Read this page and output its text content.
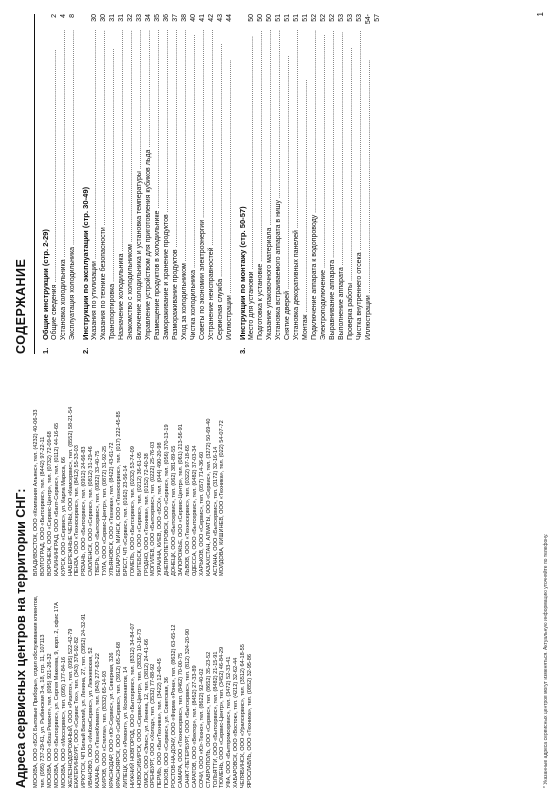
Адреса сервисных центров на территории СНГ: МОСКВА, ООО «БСХ Бытовые Приборы», отдел обслуживания клиентов, тел. (095) 737-29-61, ул. Рыбинская 3-я, 18, стр. 11, 107113 МОСКВА, ООО «Бош Ремонт», тел. (095) 921-26-32 МОСКВА, ООО «Бытсервис», ул. Сергея Макеева, 9, корп. 2, офис 17А МОСКВА, ООО «Моссервис», тел. (095) 177-84-16 ЖЕЛЕЗНОДОРОЖНЫЙ, ООО «Риэлто», тел. (095) 522-42-79 ЕКАТЕРИНБУРГ, ООО «Сервис Тех», тел. (343) 376-92-82 ИРКУТСК, ЧП Белый Василий, ул. Ленина, 27, тел. (3952) 24-32-91 ИВАНОВО, ООО «ИнКомСервис», ул. Лежневская, 52 КАЗАНЬ, ООО «ТехноКлимат», тел. (843) 277-63-22 КИРОВ, ООО «Стелла», тел. (8332) 65-14-93 КРАСНОДАР, ООО «Юг-Сервис», ул. Северная, 326 КРАСНОЯРСК, ООО «СибСервис», тел. (3912) 65-23-68 ЛИПЕЦК, ООО «Ремонт», ул. Космонавтов, 14 НИЖНИЙ НОВГОРОД, ООО «Бытсервис», тел. (8312) 34-84-07 НОВОСИБИРСК, ООО «Сервис-Центр», тел. (3832) 10-16-73 ОМСК, ООО «Элис», ул. Ленина, 12, тел. (3812) 24-41-66 ОРЕНБУРГ, ООО «Холод», тел. (3532) 77-88-92 ПЕРМЬ, ООО «БытТехника», тел. (3422) 12-40-45 ПСКОВ, ООО «Сервис», ул. Советская, 36 РОСТОВ-НА-ДОНУ, ООО «Фирма «Рона», тел. (8632) 63-65-12 САМАРА, ООО «Техносервис», тел. (8462) 70-00-75 САНКТ-ПЕТЕРБУРГ, ООО «Бытсервис», тел. (812) 324-20-90 САРАТОВ, ООО «Вектор», тел. (8452) 27-33-89 СОЧИ, ООО «Юг-Техно», тел. (8622) 92-40-02 СТАВРОПОЛЬ, ООО «Сервис», тел. (8652) 35-23-52 ТОЛЬЯТТИ, ООО «Бытсервис», тел. (8482) 21-15-91 ТЮМЕНЬ, ООО «Сервис-Центр», тел. (3452) 46-84-29 УФА, ООО «Бытпромсервис», тел. (3472) 52-33-41 ХАБАРОВСК, ООО «Восток», тел. (4212) 32-62-44 ЧЕЛЯБИНСК, ООО «Уралсервис», тел. (3512) 64-18-55 ЯРОСЛАВЛЬ, ООО «Техника», тел. (0852) 32-95-86

ВЛАДИВОСТОК, ООО «Компания Альянс», тел. (4232) 40-06-33 ВОЛГОГРАД, ООО «Бытсервис», тел. (8442) 97-22-11 ВОРОНЕЖ, ООО «Сервис-Центр», тел. (0732) 72-09-68 КАЛИНИНГРАД, ООО «Балт-Сервис», тел. (0112) 44-16-65 КУРСК, ООО «Сервис», ул. Карла Маркса, 66 НАБЕРЕЖНЫЕ ЧЕЛНЫ, ООО «Камсервис», тел. (8552) 58-21-54 ПЕНЗА, ООО «Техносервис», тел. (8412) 55-33-03 РЯЗАНЬ, ООО «Бытсервис», тел. (0912) 24-66-83 СМОЛЕНСК, ООО «Сервис», тел. (0812) 31-29-46 ТВЕРЬ, ООО «Бытсервис», тел. (0822) 33-40-75 ТУЛА, ООО «Сервис-Центр», тел. (0872) 31-92-25 УЛЬЯНОВСК, ООО «Техника», тел. (8422) 43-61-72 БЕЛАРУСЬ, МИНСК, ООО «Техносервис», тел. (017) 222-45-85 БРЕСТ, ЧП «Сервис», тел. (0162) 23-56-14 ГОМЕЛЬ, ООО «Бытсервис», тел. (0232) 53-74-09 ВИТЕБСК, ООО «Сервис», тел. (0212) 36-61-05 ГРОДНО, ООО «Техника», тел. (0152) 72-40-38 МОГИЛЕВ, ООО «Бытсервис», тел. (0222) 25-76-03 УКРАИНА, КИЕВ, ООО «БСХ», тел. (044) 490-20-98 ДНЕПРОПЕТРОВСК, ООО «Сервис», тел. (056) 370-13-19 ДОНЕЦК, ООО «Бытсервис», тел. (062) 381-89-55 ЗАПОРОЖЬЕ, ООО «Сервис-Центр», тел. (061) 213-56-91 ЛЬВОВ, ООО «Техносервис», тел. (0322) 97-18-65 ОДЕССА, ООО «Бытсервис», тел. (0482) 37-03-34 ХАРЬКОВ, ООО «Сервис», тел. (057) 714-36-60 КАЗАХСТАН, АЛМАТЫ, ООО «Сервис», тел. (3272) 50-69-40 АСТАНА, ООО «Бытсервис», тел. (3172) 32-16-14 МОЛДОВА, КИШИНЕВ, ООО «Техника», тел. (022) 54-07-72

* Указанные адреса сервисных центров могут изменяться. Актуальную информацию уточняйте по телефону.
СОДЕРЖАНИЕ 1.
Общие инструкции (стр. 2-29) Общие сведения .....
2
Установка холодильника .....
4
Эксплуатация холодильника .....
8
2.
Инструкции по эксплуатации (стр. 30-49) Указания по утилизации .....
30
Указания по технике безопасности .....
30
Транспортировка .....
31
Назначение холодильника .....
31
Знакомство с холодильником .....
32
Включение холодильника и установка температуры .....
33
Управление устройством для приготовления кубиков льда .....
34
Размещение продуктов в холодильнике .....
35
Замораживание и хранение продуктов .....
36
Размораживание продуктов .....
37
Уход за холодильником .....
38
Чистка холодильника .....
40
Советы по экономии электроэнергии .....
41
Устранение неисправностей .....
42
Сервисная служба .....
43
Иллюстрации .....
44
3.
Инструкции по монтажу (стр. 50-57) Место для установки .....
50
Подготовка к установке .....
50
Указание упаковочного материала .....
50
Установка встраиваемого аппарата в нишу .....
51
Снятие дверей .....
51
Установка декоративных панелей .....
51
Монтаж .....
51
Подключение аппарата к водопроводу .....
52
Электроподключение .....
52
Выравнивание аппарата .....
52
Выполнение аппарата .....
53
Проверка работы .....
53
Чистка внутреннего отсека .....
53
Иллюстрации .....
54-57	1
